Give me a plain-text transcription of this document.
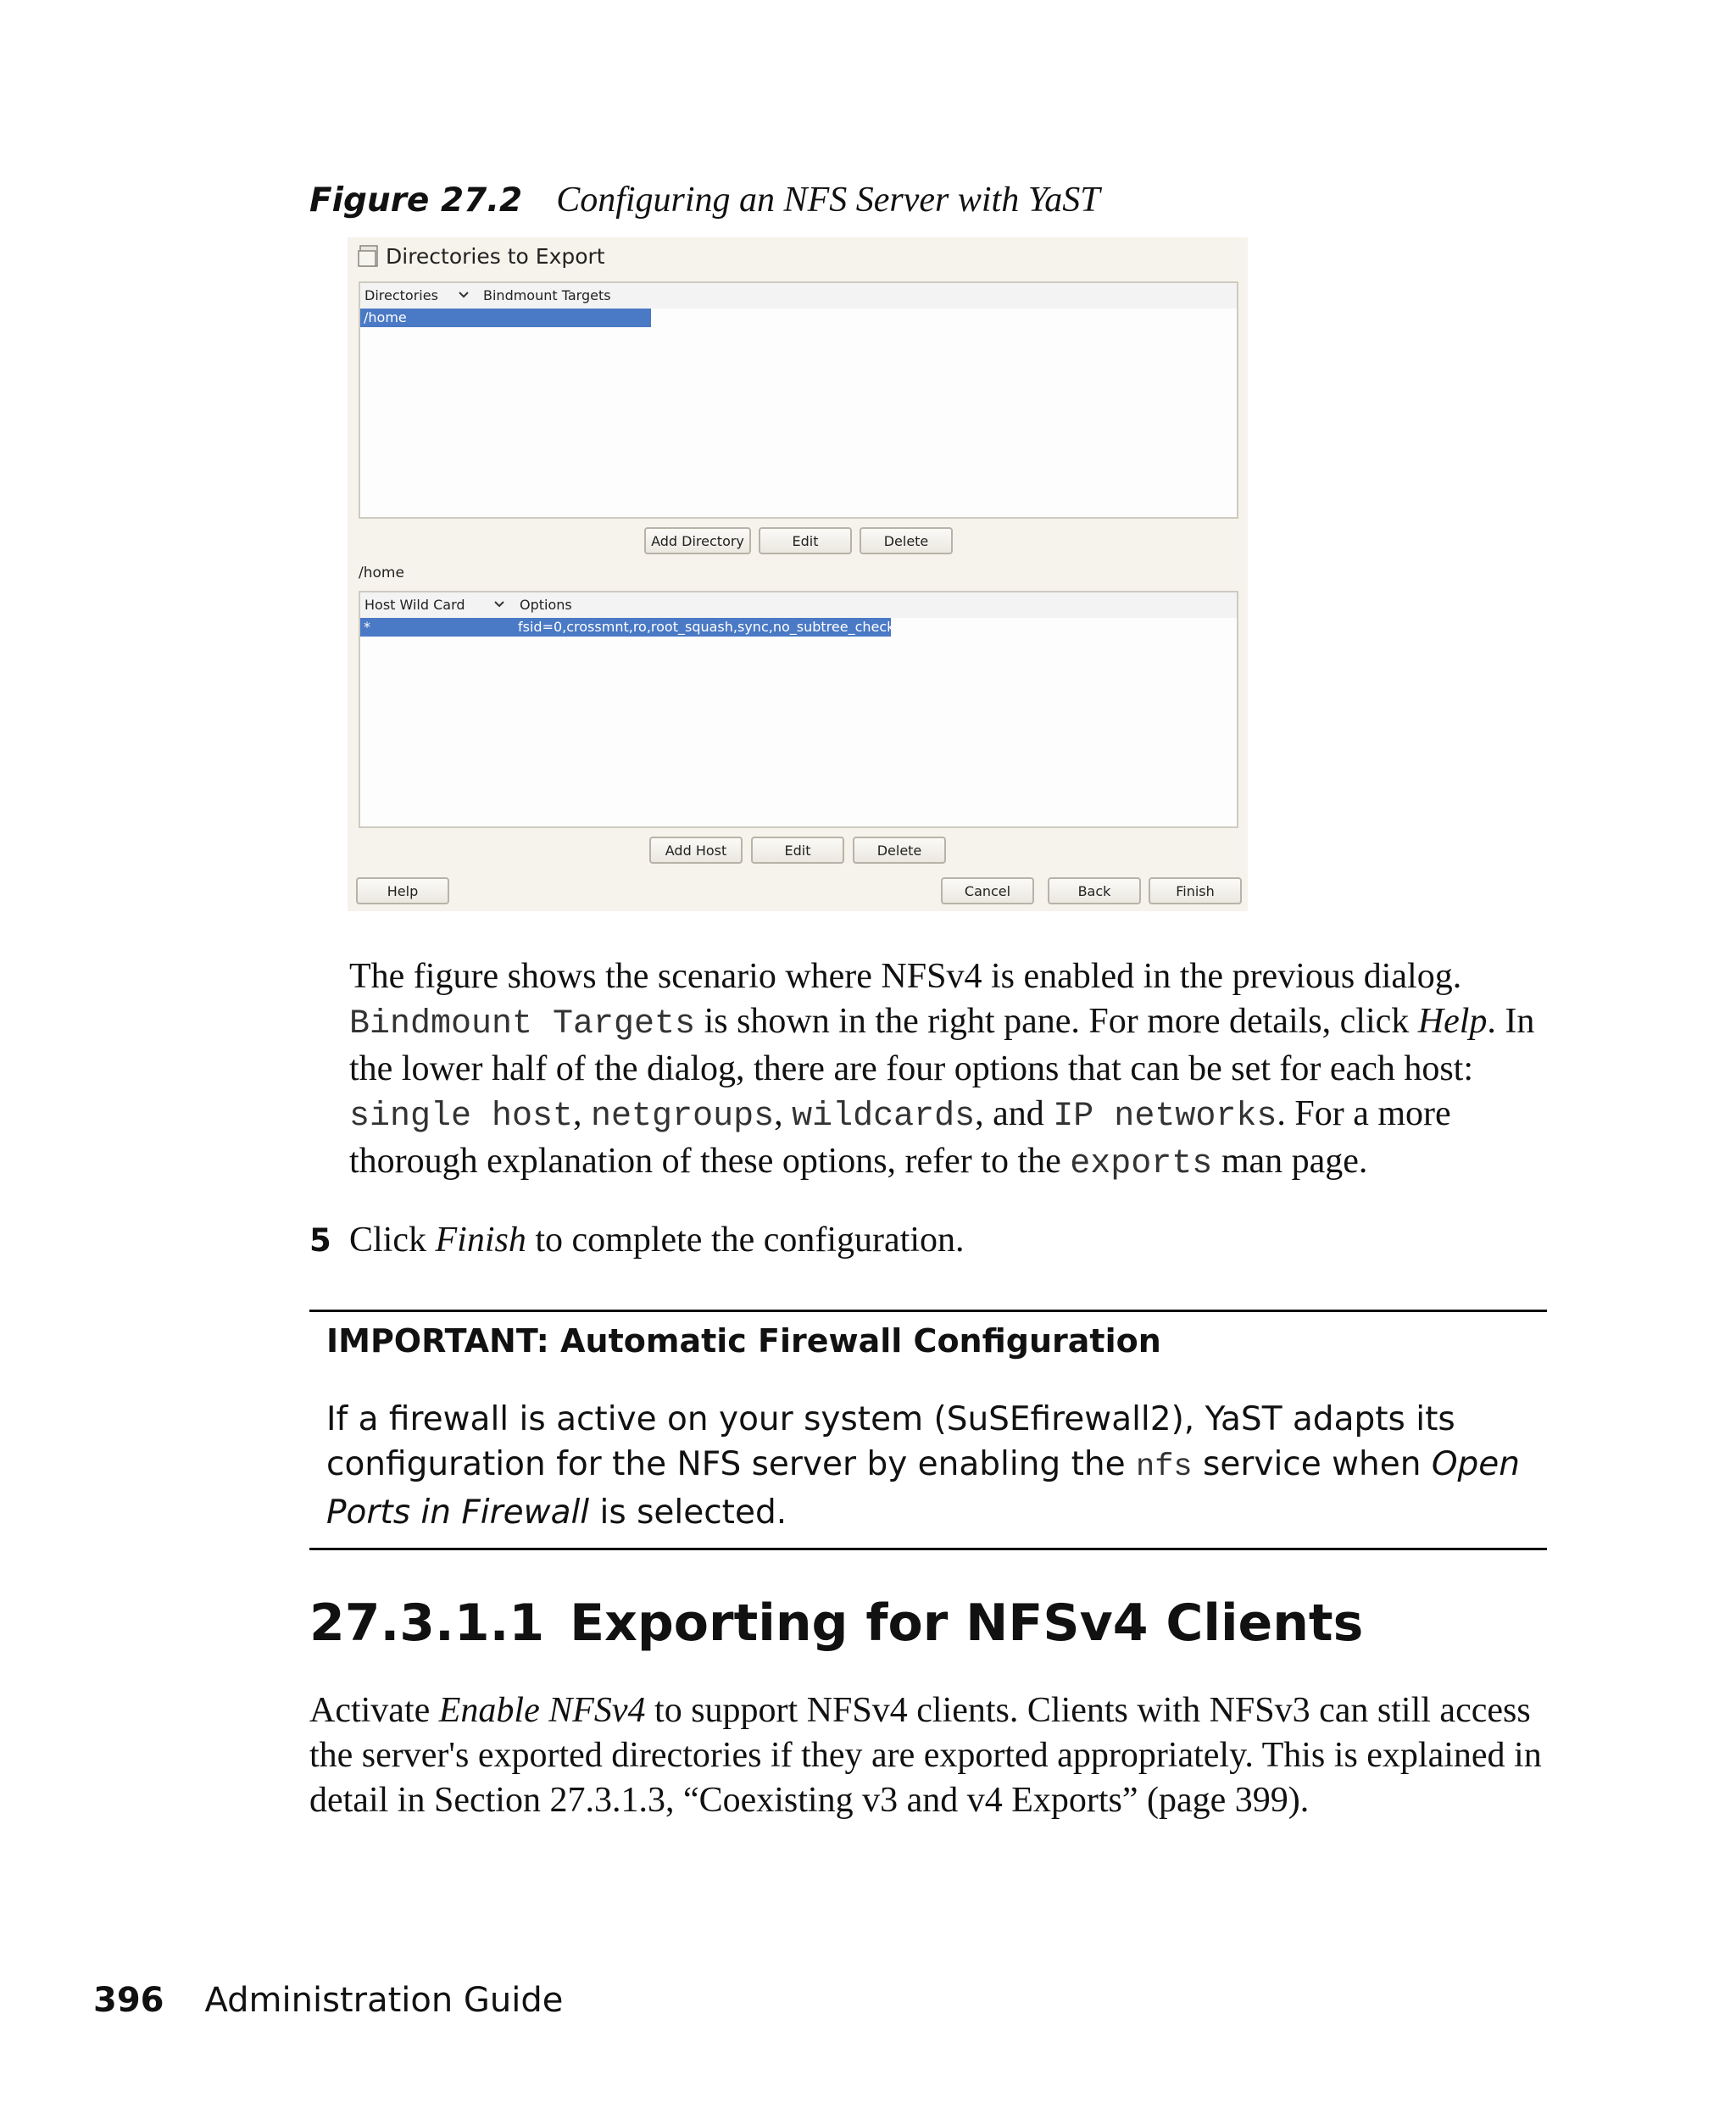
Figure 27.2 Configuring an NFS Server with YaST
Directories to Export
Directories	Bindmount Targets
/home
Add Directory	Edit	Delete
/home
Host Wild Card	Options
*	fsid=0,crossmnt,ro,root_squash,sync,no_subtree_check
Add Host	Edit	Delete
Help	Cancel	Back	Finish
The figure shows the scenario where NFSv4 is enabled in the previous dialog. Bindmount Targets is shown in the right pane. For more details, click Help. In the lower half of the dialog, there are four options that can be set for each host: single host, netgroups, wildcards, and IP networks. For a more thorough explanation of these options, refer to the exports man page.
5 Click Finish to complete the configuration.
IMPORTANT: Automatic Firewall Configuration
If a firewall is active on your system (SuSEfirewall2), YaST adapts its configuration for the NFS server by enabling the nfs service when Open Ports in Firewall is selected.
27.3.1.1 Exporting for NFSv4 Clients
Activate Enable NFSv4 to support NFSv4 clients. Clients with NFSv3 can still access the server's exported directories if they are exported appropriately. This is explained in detail in Section 27.3.1.3, “Coexisting v3 and v4 Exports” (page 399).
396 Administration Guide
